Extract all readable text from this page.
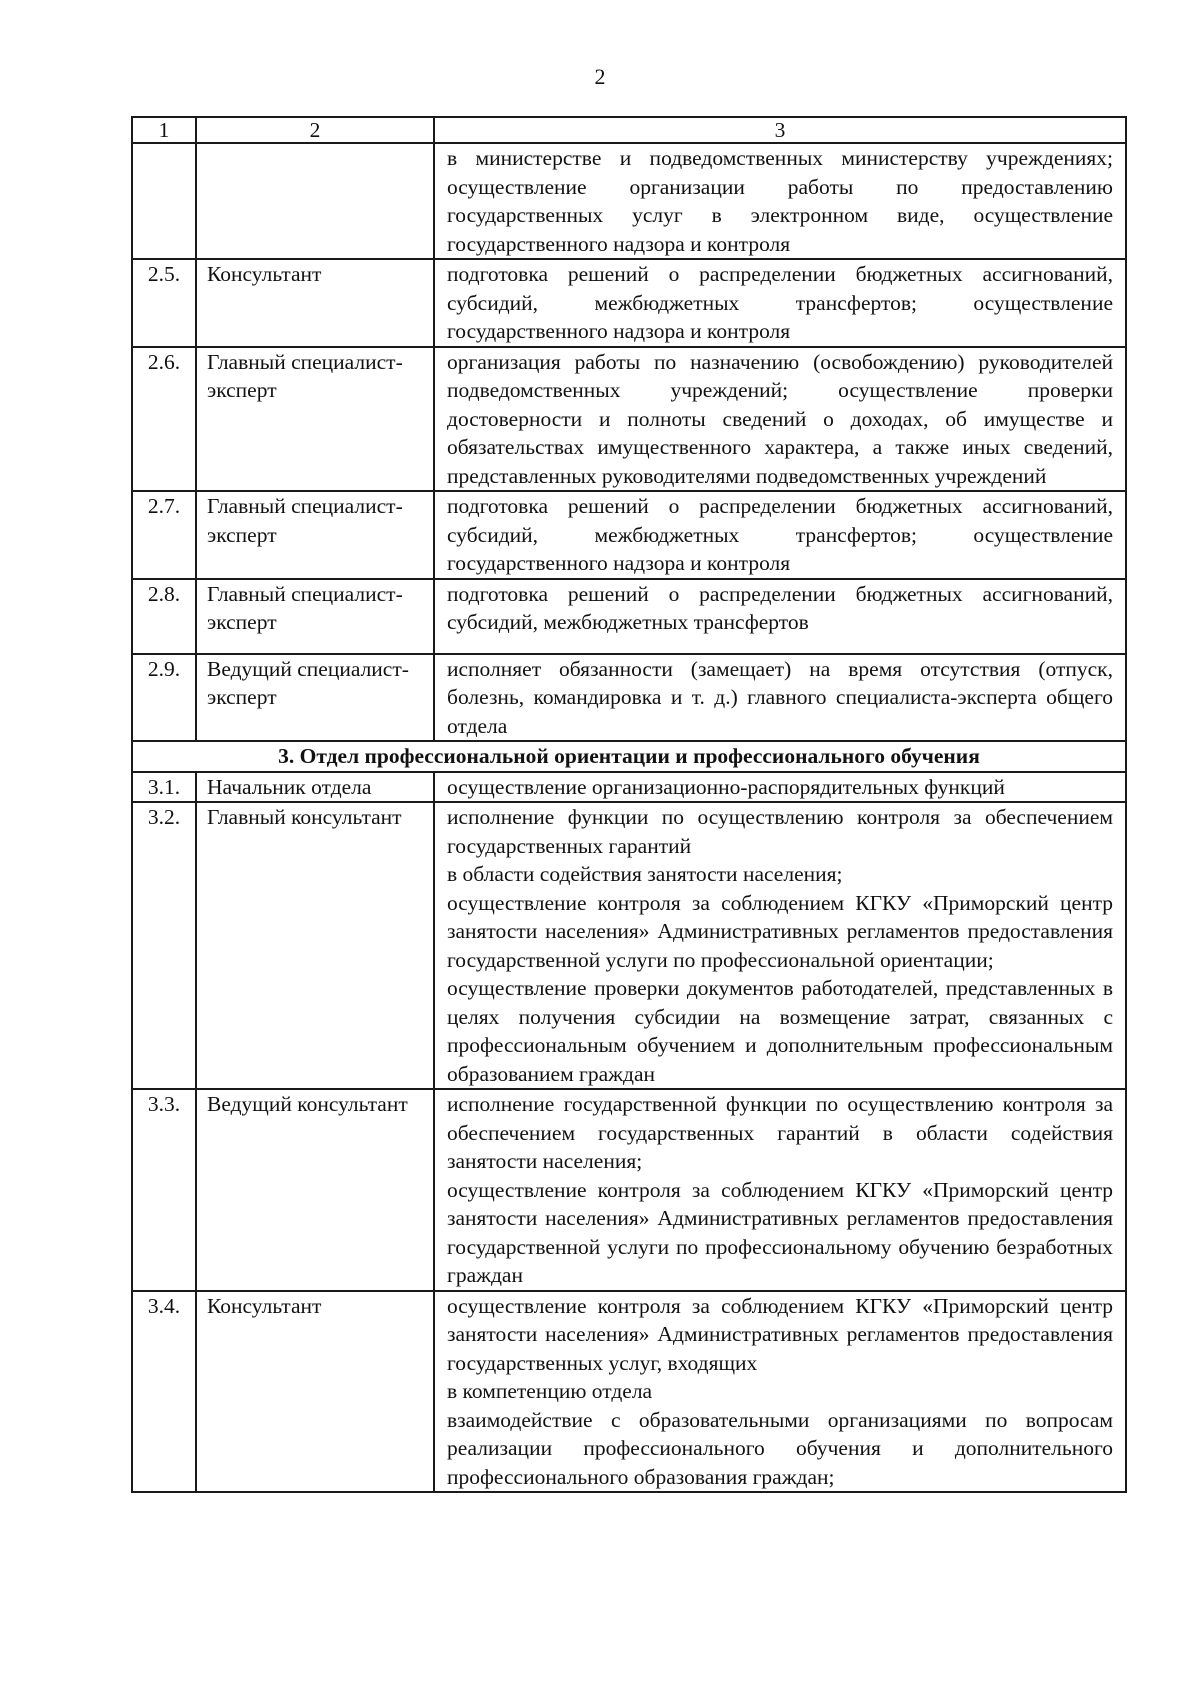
2
1	2	3

		в министерстве и подведомственных министерству учреждениях; осуществление организации работы по предоставлению государственных услуг в электронном виде, осуществление государственного надзора и контроля

2.5.	Консультант	подготовка решений о распределении бюджетных ассигнований, субсидий, межбюджетных трансфертов; осуществление государственного надзора и контроля

2.6.	Главный специалист-эксперт	организация работы по назначению (освобождению) руководителей подведомственных учреждений; осуществление проверки достоверности и полноты сведений о доходах, об имуществе и обязательствах имущественного характера, а также иных сведений, представленных руководителями подведомственных учреждений

2.7.	Главный специалист-эксперт	подготовка решений о распределении бюджетных ассигнований, субсидий, межбюджетных трансфертов; осуществление государственного надзора и контроля

2.8.	Главный специалист-эксперт	подготовка решений о распределении бюджетных ассигнований, субсидий, межбюджетных трансфертов

2.9.	Ведущий специалист-эксперт	исполняет обязанности (замещает) на время отсутствия (отпуск, болезнь, командировка и т. д.) главного специалиста-эксперта общего отдела

3. Отдел профессиональной ориентации и профессионального обучения		
3.1.	Начальник отдела	осуществление организационно-распорядительных функций

3.2.	Главный консультант	исполнение функции по осуществлению контроля за обеспечением государственных гарантий
в области содействия занятости населения;
осуществление контроля за соблюдением КГКУ «Приморский центр занятости населения» Административных регламентов предоставления государственной услуги по профессиональной ориентации;
осуществление проверки документов работодателей, представленных в целях получения субсидии на возмещение затрат, связанных с профессиональным обучением и дополнительным профессиональным образованием граждан

3.3.	Ведущий консультант	исполнение государственной функции по осуществлению контроля за обеспечением государственных гарантий в области содействия занятости населения;
осуществление контроля за соблюдением КГКУ «Приморский центр занятости населения» Административных регламентов предоставления государственной услуги по профессиональному обучению безработных граждан

3.4.	Консультант	осуществление контроля за соблюдением КГКУ «Приморский центр занятости населения» Административных регламентов предоставления государственных услуг, входящих
в компетенцию отдела
взаимодействие с образовательными организациями по вопросам реализации профессионального обучения и дополнительного профессионального образования граждан;
